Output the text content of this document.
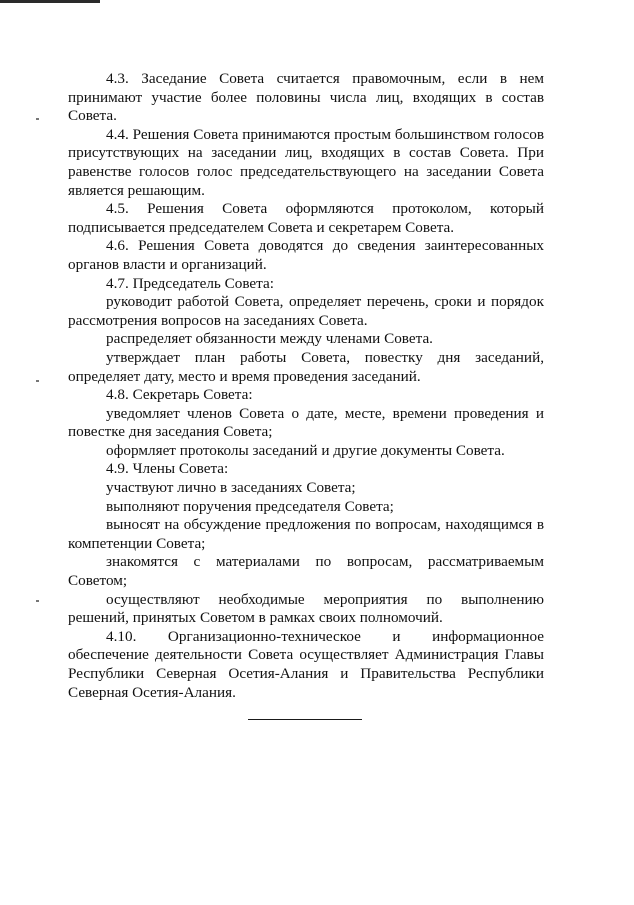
4.3. Заседание Совета считается правомочным, если в нем принимают участие более половины числа лиц, входящих в состав Совета.

4.4. Решения Совета принимаются простым большинством голосов присутствующих на заседании лиц, входящих в состав Совета. При равенстве голосов голос председательствующего на заседании Совета является решающим.

4.5. Решения Совета оформляются протоколом, который подписывается председателем Совета и секретарем Совета.

4.6. Решения Совета доводятся до сведения заинтересованных органов власти и организаций.

4.7. Председатель Совета:

руководит работой Совета, определяет перечень, сроки и порядок рассмотрения вопросов на заседаниях Совета.

распределяет обязанности между членами Совета.

утверждает план работы Совета, повестку дня заседаний, определяет дату, место и время проведения заседаний.

4.8. Секретарь Совета:

уведомляет членов Совета о дате, месте, времени проведения и повестке дня заседания Совета;

оформляет протоколы заседаний и другие документы Совета.

4.9. Члены Совета:

участвуют лично в заседаниях Совета;

выполняют поручения председателя Совета;

выносят на обсуждение предложения по вопросам, находящимся в компетенции Совета;

знакомятся с материалами по вопросам, рассматриваемым Советом;

осуществляют необходимые мероприятия по выполнению решений, принятых Советом в рамках своих полномочий.

4.10. Организационно-техническое и информационное обеспечение деятельности Совета осуществляет Администрация Главы Республики Северная Осетия-Алания и Правительства Республики Северная Осетия-Алания.
